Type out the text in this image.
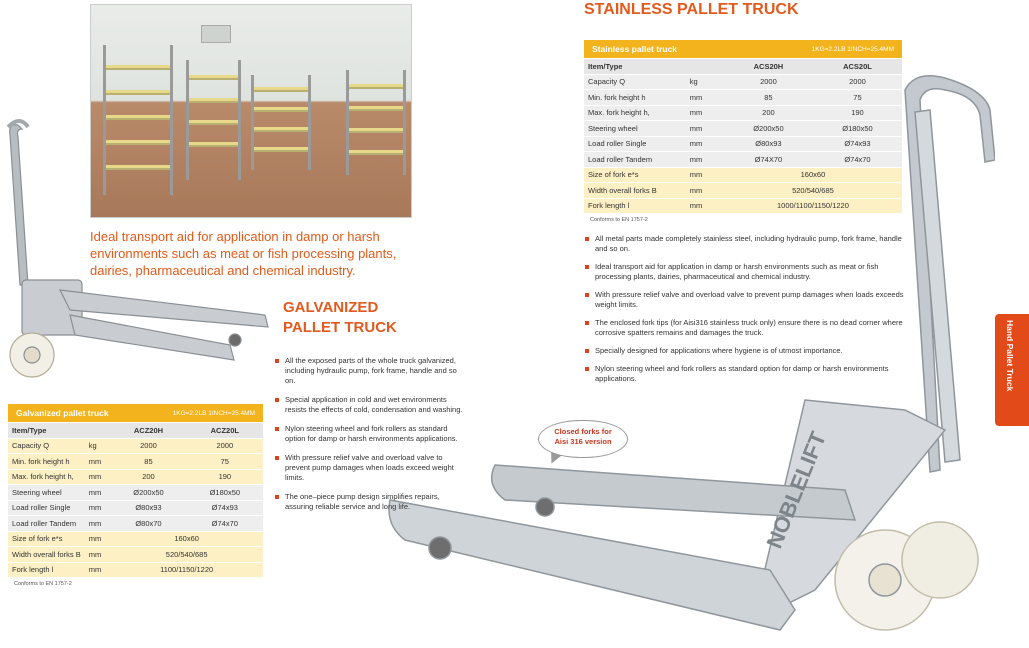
Ideal transport aid for application in damp or harsh environments such as meat or fish processing plants, dairies, pharmaceutical and chemical industry.
NOBLELIFT
STAINLESS PALLET TRUCK
Stainless pallet truck	1KG=2.2LB 1INCH=25.4MM
Item/Type		ACS20H	ACS20L
Capacity Q	kg	2000	2000
Min. fork height h	mm	85	75
Max. fork height h,	mm	200	190
Steering wheel	mm	Ø200x50	Ø180x50
Load roller Single	mm	Ø80x93	Ø74x93
Load roller Tandem	mm	Ø74X70	Ø74x70
Size of fork e*s	mm	160x60	
Width overall forks B	mm	520/540/685	
Fork length l	mm	1000/1100/1150/1220	
Conforms to EN 1757-2
All metal parts made completely stainless steel, including hydraulic pump, fork frame, handle and so on.
Ideal transport aid for application in damp or harsh environments such as meat or fish processing plants, dairies, pharmaceutical and chemical industry.
With pressure relief valve and overload valve to prevent pump damages when loads exceeds weight limits.
The enclosed fork tips (for Aisi316 stainless truck only) ensure there is no dead corner where corrosive spatters remains and damages the truck.
Specially designed for applications where hygiene is of utmost importance.
Nylon steering wheel and fork rollers as standard option for damp or harsh environments applications.
GALVANIZED
PALLET TRUCK
All the exposed parts of the whole truck galvanized, including hydraulic pump, fork frame, handle and so on.
Special application in cold and wet environments resists the effects of cold, condensation and washing.
Nylon steering wheel and fork rollers as standard option for damp or harsh environments applications.
With pressure relief valve and overload valve to prevent pump damages when loads exceed weight limits.
The one–piece pump design simplifies repairs, assuring reliable service and long life.
Galvanized pallet truck	1KG=2.2LB 1INCH=25.4MM
Item/Type		ACZ20H	ACZ20L
Capacity Q	kg	2000	2000
Min. fork height h	mm	85	75
Max. fork height h,	mm	200	190
Steering wheel	mm	Ø200x50	Ø180x50
Load roller Single	mm	Ø80x93	Ø74x93
Load roller Tandem	mm	Ø80x70	Ø74x70
Size of fork e*s	mm	160x60	
Width overall forks B	mm	520/540/685	
Fork length l	mm	1100/1150/1220	
Conforms to EN 1757-2
Closed forks for
Aisi 316 version
Hand Pallet Truck
